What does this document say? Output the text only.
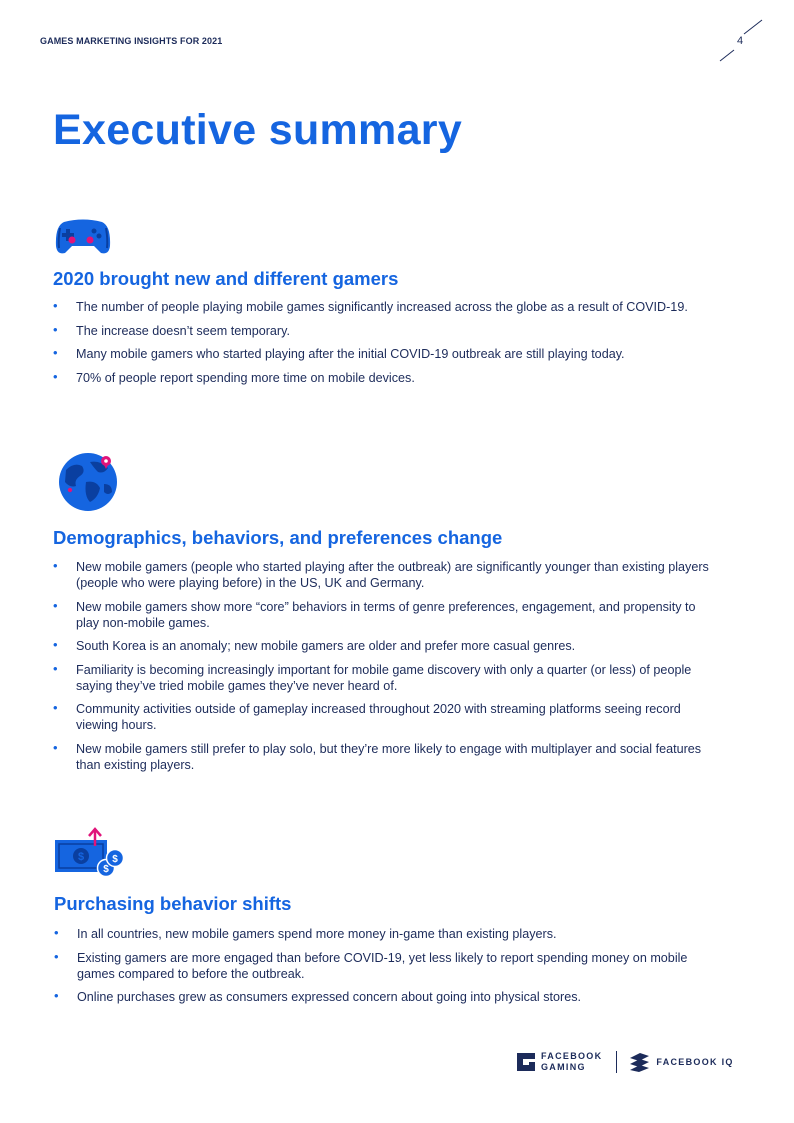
GAMES MARKETING INSIGHTS FOR 2021	4
Executive summary
2020 brought new and different gamers
• The number of people playing mobile games significantly increased across the globe as a result of COVID-19.
• The increase doesn’t seem temporary.
• Many mobile gamers who started playing after the initial COVID-19 outbreak are still playing today.
• 70% of people report spending more time on mobile devices.
Demographics, behaviors, and preferences change
• New mobile gamers (people who started playing after the outbreak) are significantly younger than existing players (people who were playing before) in the US, UK and Germany.
• New mobile gamers show more “core” behaviors in terms of genre preferences, engagement, and propensity to play non-mobile games.
• South Korea is an anomaly; new mobile gamers are older and prefer more casual genres.
• Familiarity is becoming increasingly important for mobile game discovery with only a quarter (or less) of people saying they’ve tried mobile games they’ve never heard of.
• Community activities outside of gameplay increased throughout 2020 with streaming platforms seeing record viewing hours.
• New mobile gamers still prefer to play solo, but they’re more likely to engage with multiplayer and social features than existing players.
$
$
$
Purchasing behavior shifts
• In all countries, new mobile gamers spend more money in-game than existing players.
• Existing gamers are more engaged than before COVID-19, yet less likely to report spending money on mobile games compared to before the outbreak.
• Online purchases grew as consumers expressed concern about going into physical stores.
FACEBOOK
GAMING
FACEBOOK IQ
